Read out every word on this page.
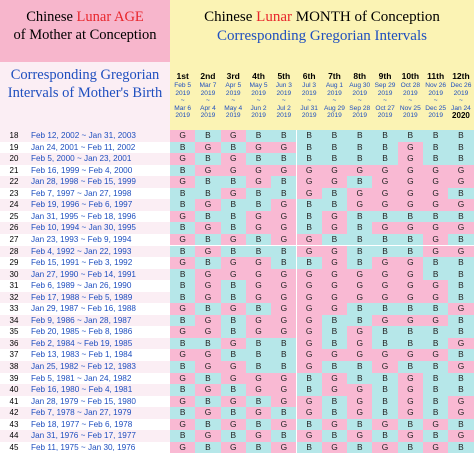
Chinese Lunar AGE
of Mother at Conception
Chinese Lunar MONTH of Conception
Corresponding Gregorian Intervals
Corresponding Gregorian Intervals of Mother's Birth
1st
Feb 5
2019
~
Mar 6
2019
2nd
Mar 7
2019
~
Apr 4
2019
3rd
Apr 5
2019
~
May 4
2019
4th
May 5
2019
~
Jun 2
2019
5th
Jun 3
2019
~
Jul 2
2019
6th
Jul 3
2019
~
Jul 31
2019
7th
Aug 1
2019
~
Aug 29
2019
8th
Aug 30
2019
~
Sep 28
2019
9th
Sep 29
2019
~
Oct 27
2019
10th
Oct 28
2019
~
Nov 25
2019
11th
Nov 26
2019
~
Dec 25
2019
12th
Dec 26
2019
~
Jan 24
2020
18	Feb 12, 2002 ~ Jan 31, 2003	G	B	G	B	B	B	B	B	B	B	B	B
19	Jan 24, 2001 ~ Feb 11, 2002	B	G	B	G	G	B	B	B	B	G	B	B
20	Feb 5, 2000 ~ Jan 23, 2001	G	B	G	B	B	B	B	B	B	G	B	B
21	Feb 16, 1999 ~ Feb 4, 2000	B	G	G	G	G	G	G	G	G	G	G	G
22	Jan 28, 1998 ~ Feb 15, 1999	G	B	B	G	B	G	G	B	G	G	G	G
23	Feb 7, 1997 ~ Jan 27, 1998	B	B	G	B	B	G	B	G	G	G	G	B
24	Feb 19, 1996 ~ Feb 6, 1997	B	G	B	B	G	B	B	G	G	G	G	G
25	Jan 31, 1995 ~ Feb 18, 1996	G	B	B	G	G	B	G	B	B	B	B	B
26	Feb 10, 1994 ~ Jan 30, 1995	B	G	B	G	G	B	G	B	G	G	G	G
27	Jan 23, 1993 ~ Feb 9, 1994	G	B	G	B	G	G	B	B	B	B	G	B
28	Feb 4, 1992 ~ Jan 22, 1993	B	G	B	B	B	G	G	B	B	B	G	G
29	Feb 15, 1991 ~ Feb 3, 1992	G	B	G	G	B	B	G	B	G	G	B	B
30	Jan 27, 1990 ~ Feb 14, 1991	B	G	G	G	G	G	G	G	G	G	B	B
31	Feb 6, 1989 ~ Jan 26, 1990	B	G	B	G	G	G	G	G	G	G	G	B
32	Feb 17, 1988 ~ Feb 5, 1989	B	G	B	G	G	G	G	G	G	G	G	B
33	Jan 29, 1987 ~ Feb 16, 1988	G	B	G	B	G	G	G	B	B	B	B	G
34	Feb 9, 1986 ~ Jan 28, 1987	B	G	B	G	G	G	B	B	G	G	G	B
35	Feb 20, 1985 ~ Feb 8, 1986	G	G	B	G	G	G	B	G	B	B	B	B
36	Feb 2, 1984 ~ Feb 19, 1985	B	B	G	B	B	G	B	G	B	B	B	G
37	Feb 13, 1983 ~ Feb 1, 1984	G	G	B	B	B	G	G	G	G	G	G	B
38	Jan 25, 1982 ~ Feb 12, 1983	B	G	G	B	B	G	B	B	G	B	B	G
39	Feb 5, 1981 ~ Jan 24, 1982	G	B	G	G	G	B	G	B	B	G	B	B
40	Feb 16, 1980 ~ Feb 4, 1981	B	G	B	G	G	B	G	G	B	G	B	B
41	Jan 28, 1979 ~ Feb 15, 1980	G	B	G	B	G	G	B	G	B	G	B	G
42	Feb 7, 1978 ~ Jan 27, 1979	B	G	B	G	B	G	B	G	B	G	B	G
43	Feb 18, 1977 ~ Feb 6, 1978	G	B	G	B	G	B	G	B	G	B	G	B
44	Jan 31, 1976 ~ Feb 17, 1977	B	G	B	G	B	G	B	G	B	G	B	G
45	Feb 11, 1975 ~ Jan 30, 1976	G	B	G	B	G	B	G	B	G	B	G	B
